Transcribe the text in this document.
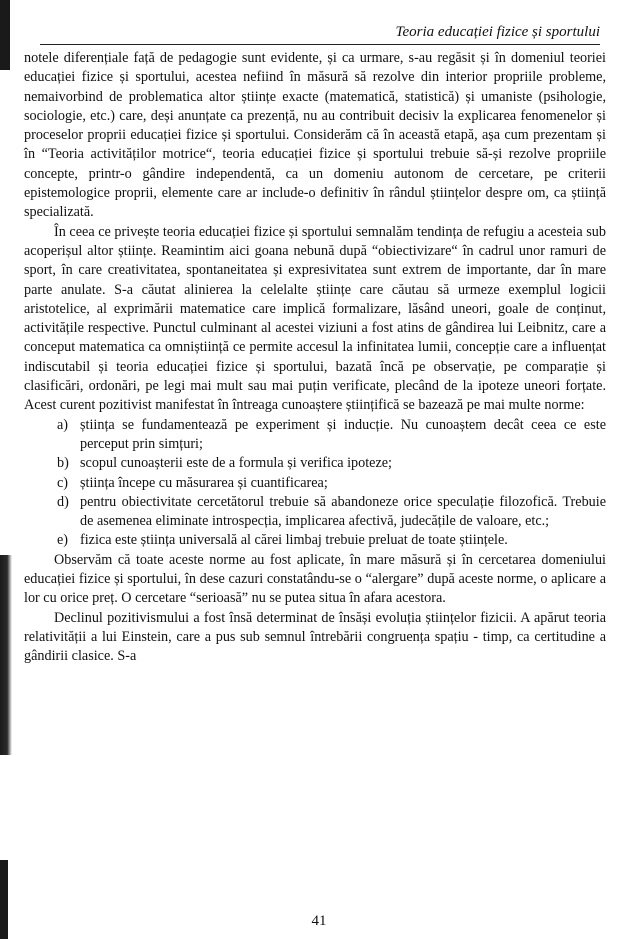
Teoria educației fizice și sportului

notele diferențiale față de pedagogie sunt evidente, și ca urmare, s-au regăsit și în domeniul teoriei educației fizice și sportului, acestea nefiind în măsură să rezolve din interior propriile probleme, nemaivorbind de problematica altor științe exacte (matematică, statistică) și umaniste (psihologie, sociologie, etc.) care, deși anunțate ca prezență, nu au contribuit decisiv la explicarea fenomenelor și proceselor proprii educației fizice și sportului. Considerăm că în această etapă, așa cum prezentam și în “Teoria activităților motrice“, teoria educației fizice și sportului trebuie să-și rezolve propriile concepte, printr-o gândire independentă, ca un domeniu autonom de cercetare, pe criterii epistemologice proprii, elemente care ar include-o definitiv în rândul științelor despre om, ca știință specializată.

În ceea ce privește teoria educației fizice și sportului semnalăm tendința de refugiu a acesteia sub acoperișul altor științe. Reamintim aici goana nebună după “obiectivizare“ în cadrul unor ramuri de sport, în care creativitatea, spontaneitatea și expresivitatea sunt extrem de importante, dar în mare parte anulate. S-a căutat alinierea la celelalte științe care căutau să urmeze exemplul logicii aristotelice, al exprimării matematice care implică formalizare, lăsând uneori, goale de conținut, activitățile respective. Punctul culminant al acestei viziuni a fost atins de gândirea lui Leibnitz, care a conceput matematica ca omniștiință ce permite accesul la infinitatea lumii, concepție care a influențat indiscutabil și teoria educației fizice și sportului, bazată încă pe observație, pe comparație și clasificări, ordonări, pe legi mai mult sau mai puțin verificate, plecând de la ipoteze uneori forțate. Acest curent pozitivist manifestat în întreaga cunoaștere științifică se bazează pe mai multe norme:

a) știința se fundamentează pe experiment și inducție. Nu cunoaștem decât ceea ce este perceput prin simțuri;
b) scopul cunoașterii este de a formula și verifica ipoteze;
c) știința începe cu măsurarea și cuantificarea;
d) pentru obiectivitate cercetătorul trebuie să abandoneze orice speculație filozofică. Trebuie de asemenea eliminate introspecția, implicarea afectivă, judecățile de valoare, etc.;
e) fizica este știința universală al cărei limbaj trebuie preluat de toate științele.

Observăm că toate aceste norme au fost aplicate, în mare măsură și în cercetarea domeniului educației fizice și sportului, în dese cazuri constatându-se o “alergare” după aceste norme, o aplicare a lor cu orice preț. O cercetare “serioasă” nu se putea situa în afara acestora.

Declinul pozitivismului a fost însă determinat de însăși evoluția științelor fizicii. A apărut teoria relativității a lui Einstein, care a pus sub semnul întrebării congruența spațiu - timp, ca certitudine a gândirii clasice. S-a

41
